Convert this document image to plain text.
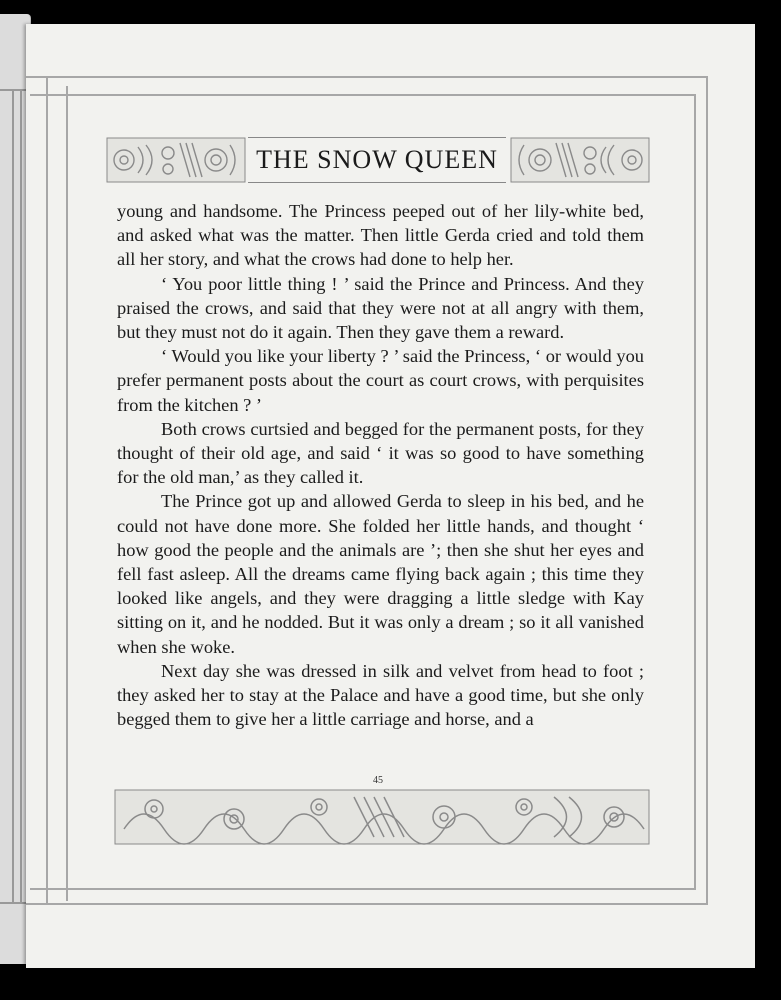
THE SNOW QUEEN

young and handsome. The Princess peeped out of her lily-white bed, and asked what was the matter. Then little Gerda cried and told them all her story, and what the crows had done to help her.

‘ You poor little thing ! ’ said the Prince and Princess. And they praised the crows, and said that they were not at all angry with them, but they must not do it again. Then they gave them a reward.

‘ Would you like your liberty ? ’ said the Princess, ‘ or would you prefer permanent posts about the court as court crows, with perquisites from the kitchen ? ’

Both crows curtsied and begged for the permanent posts, for they thought of their old age, and said ‘ it was so good to have something for the old man,’ as they called it.

The Prince got up and allowed Gerda to sleep in his bed, and he could not have done more. She folded her little hands, and thought ‘ how good the people and the animals are ’; then she shut her eyes and fell fast asleep. All the dreams came flying back again ; this time they looked like angels, and they were dragging a little sledge with Kay sitting on it, and he nodded. But it was only a dream ; so it all vanished when she woke.

Next day she was dressed in silk and velvet from head to foot ; they asked her to stay at the Palace and have a good time, but she only begged them to give her a little carriage and horse, and a

45
